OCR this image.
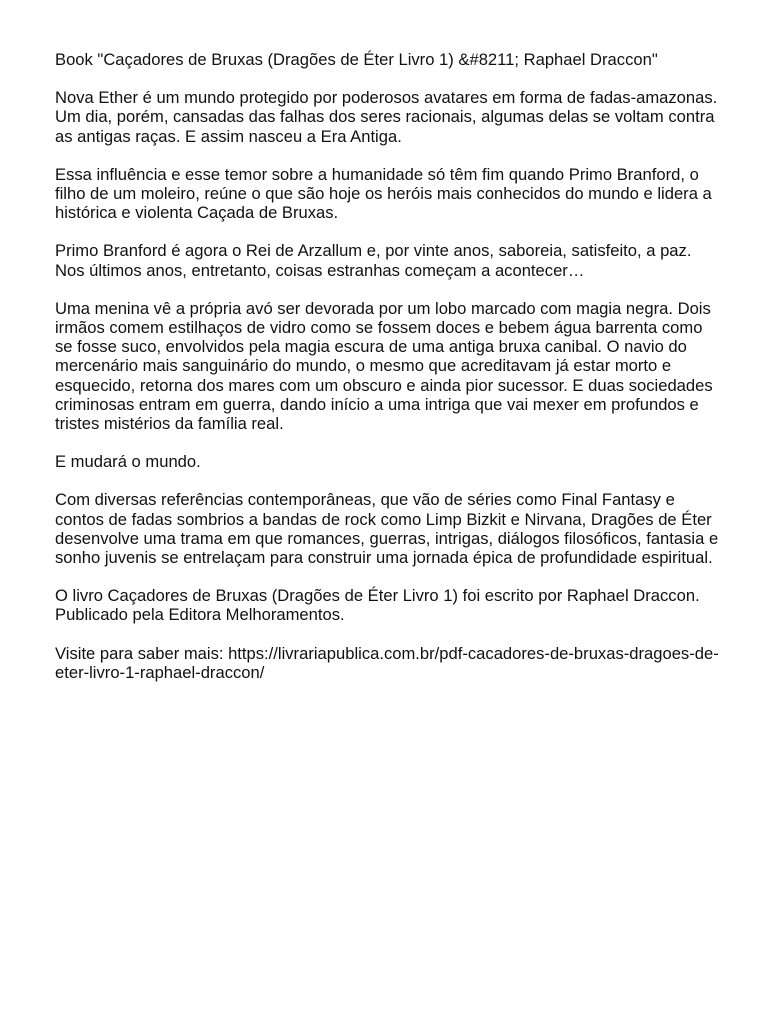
Book "Caçadores de Bruxas (Dragões de Éter Livro 1) &#8211; Raphael Draccon"

Nova Ether é um mundo protegido por poderosos avatares em forma de fadas-amazonas. Um dia, porém, cansadas das falhas dos seres racionais, algumas delas se voltam contra as antigas raças. E assim nasceu a Era Antiga.

Essa influência e esse temor sobre a humanidade só têm fim quando Primo Branford, o filho de um moleiro, reúne o que são hoje os heróis mais conhecidos do mundo e lidera a histórica e violenta Caçada de Bruxas.

Primo Branford é agora o Rei de Arzallum e, por vinte anos, saboreia, satisfeito, a paz. Nos últimos anos, entretanto, coisas estranhas começam a acontecer…

Uma menina vê a própria avó ser devorada por um lobo marcado com magia negra. Dois irmãos comem estilhaços de vidro como se fossem doces e bebem água barrenta como se fosse suco, envolvidos pela magia escura de uma antiga bruxa canibal. O navio do mercenário mais sanguinário do mundo, o mesmo que acreditavam já estar morto e esquecido, retorna dos mares com um obscuro e ainda pior sucessor. E duas sociedades criminosas entram em guerra, dando início a uma intriga que vai mexer em profundos e tristes mistérios da família real.

E mudará o mundo.

Com diversas referências contemporâneas, que vão de séries como Final Fantasy e contos de fadas sombrios a bandas de rock como Limp Bizkit e Nirvana, Dragões de Éter desenvolve uma trama em que romances, guerras, intrigas, diálogos filosóficos, fantasia e sonho juvenis se entrelaçam para construir uma jornada épica de profundidade espiritual.

O livro Caçadores de Bruxas (Dragões de Éter Livro 1) foi escrito por Raphael Draccon. Publicado pela Editora Melhoramentos.

Visite para saber mais: https://livrariapublica.com.br/pdf-cacadores-de-bruxas-dragoes-de-eter-livro-1-raphael-draccon/
